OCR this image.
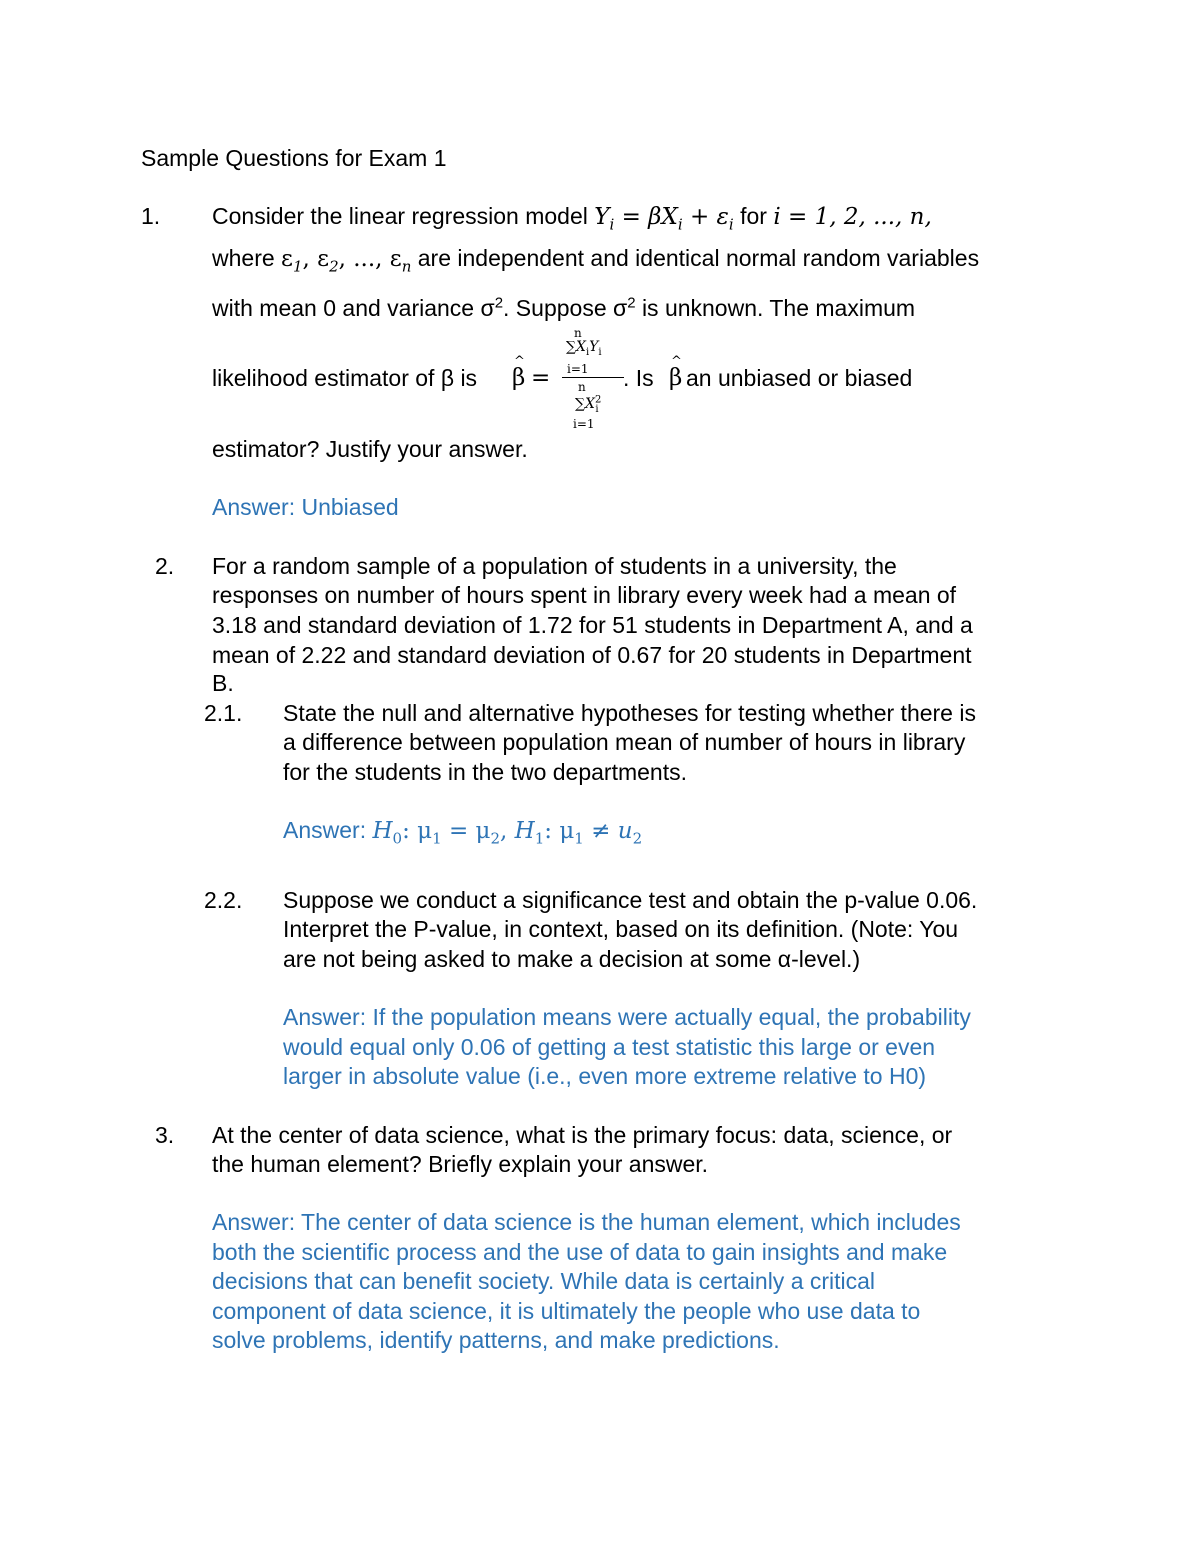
Sample Questions for Exam 1
1. Consider the linear regression model $Y_i = \beta X_i + \varepsilon_i$ for i = 1, 2, ..., n,
where $\varepsilon_1$, $\varepsilon_2$, ..., $\varepsilon_n$ are independent and identical normal random variables
with mean 0 and variance $\sigma^2$. Suppose $\sigma^2$ is unknown. The maximum
likelihood estimator of β is β
^
=
n
$\sum X_iY_i$
i=1
n
$\sum X^2_i$
i=1
. Is β
^
an unbiased or biased
estimator? Justify your answer.
Answer: Unbiased
2. For a random sample of a population of students in a university, the
responses on number of hours spent in library every week had a mean of
3.18 and standard deviation of 1.72 for 51 students in Department A, and a
mean of 2.22 and standard deviation of 0.67 for 20 students in Department
B.
2.1. State the null and alternative hypotheses for testing whether there is
a difference between population mean of number of hours in library
for the students in the two departments.
Answer: $H_0$: $\mu_1 = \mu_2$, $H_1$: $\mu_1 \ne u_2$
2.2. Suppose we conduct a significance test and obtain the p-value 0.06.
Interpret the P-value, in context, based on its definition. (Note: You
are not being asked to make a decision at some α-level.)
Answer: If the population means were actually equal, the probability
would equal only 0.06 of getting a test statistic this large or even
larger in absolute value (i.e., even more extreme relative to H0)
3. At the center of data science, what is the primary focus: data, science, or
the human element? Briefly explain your answer.
Answer: The center of data science is the human element, which includes
both the scientific process and the use of data to gain insights and make
decisions that can benefit society. While data is certainly a critical
component of data science, it is ultimately the people who use data to
solve problems, identify patterns, and make predictions.
